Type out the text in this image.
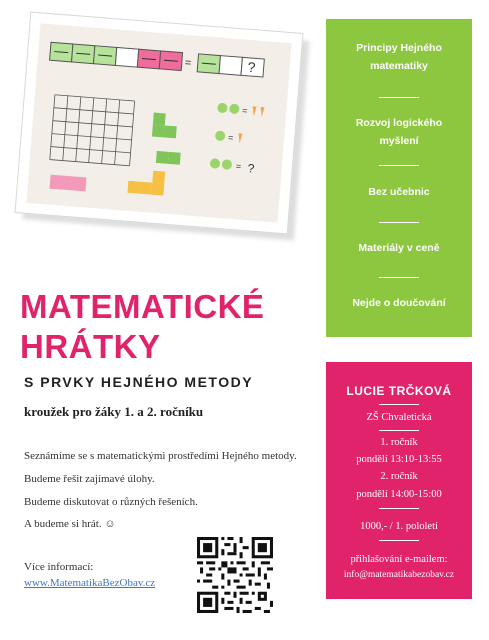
=	?
=
=
= ?
Principy Hejného
matematiky
Rozvoj logického
myšlení
Bez učebnic
Materiály v ceně
Nejde o doučování
MATEMATICKÉ
HRÁTKY
S PRVKY HEJNÉHO METODY
kroužek pro žáky 1. a 2. ročníku
Seznámíme se s matematickými prostředími Hejného metody.
Budeme řešit zajímavé úlohy.
Budeme diskutovat o různých řešeních.
A budeme si hrát. ☺
Více informací:
www.MatematikaBezObav.cz
LUCIE TRČKOVÁ
ZŠ Chvaletická
1. ročník
pondělí 13:10-13:55
2. ročník
pondělí 14:00-15:00
1000,- / 1. pololetí
přihlašování e-mailem:
info@matematikabezobav.cz
